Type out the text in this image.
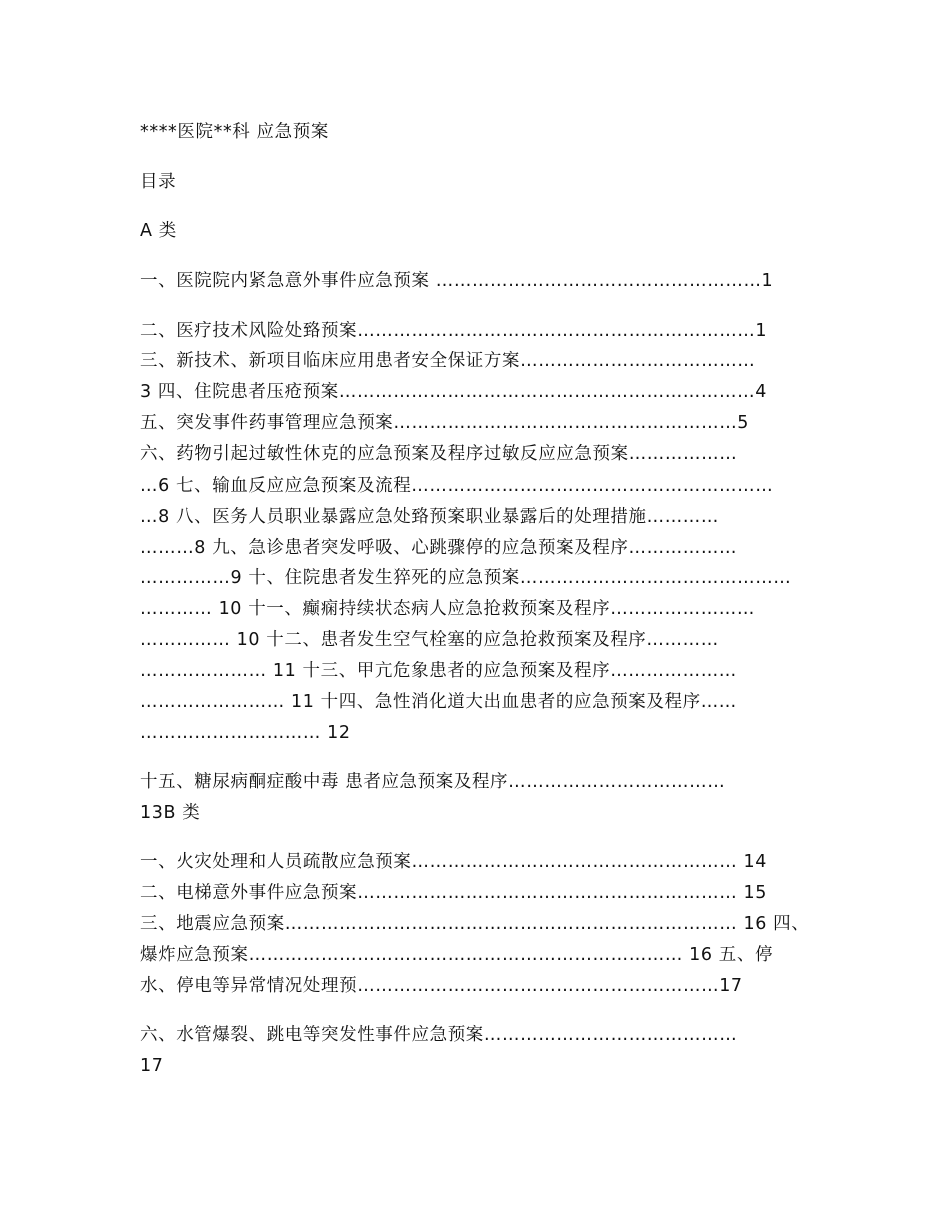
****医院**科 应急预案
目录
A 类
一、医院院内紧急意外事件应急预案 ………………………………………………1
二、医疗技术风险处臵预案…………………………………………………………1
三、新技术、新项目临床应用患者安全保证方案…………………………………
3 四、住院患者压疮预案……………………………………………………………4
五、突发事件药事管理应急预案…………………………………………………5
六、药物引起过敏性休克的应急预案及程序过敏反应应急预案………………
…6 七、输血反应应急预案及流程……………………………………………………
…8 八、医务人员职业暴露应急处臵预案职业暴露后的处理措施…………
………8 九、急诊患者突发呼吸、心跳骤停的应急预案及程序………………
……………9 十、住院患者发生猝死的应急预案………………………………………
………… 10 十一、癫痫持续状态病人应急抢救预案及程序……………………
…………… 10 十二、患者发生空气栓塞的应急抢救预案及程序…………
………………… 11 十三、甲亢危象患者的应急预案及程序…………………
…………………… 11 十四、急性消化道大出血患者的应急预案及程序……
………………………… 12
十五、糖尿病酮症酸中毒 患者应急预案及程序………………………………
13B 类
一、火灾处理和人员疏散应急预案……………………………………………… 14
二、电梯意外事件应急预案……………………………………………………… 15
三、地震应急预案………………………………………………………………… 16 四、
爆炸应急预案……………………………………………………………… 16 五、停
水、停电等异常情况处理预……………………………………………………17
六、水管爆裂、跳电等突发性事件应急预案……………………………………
17
